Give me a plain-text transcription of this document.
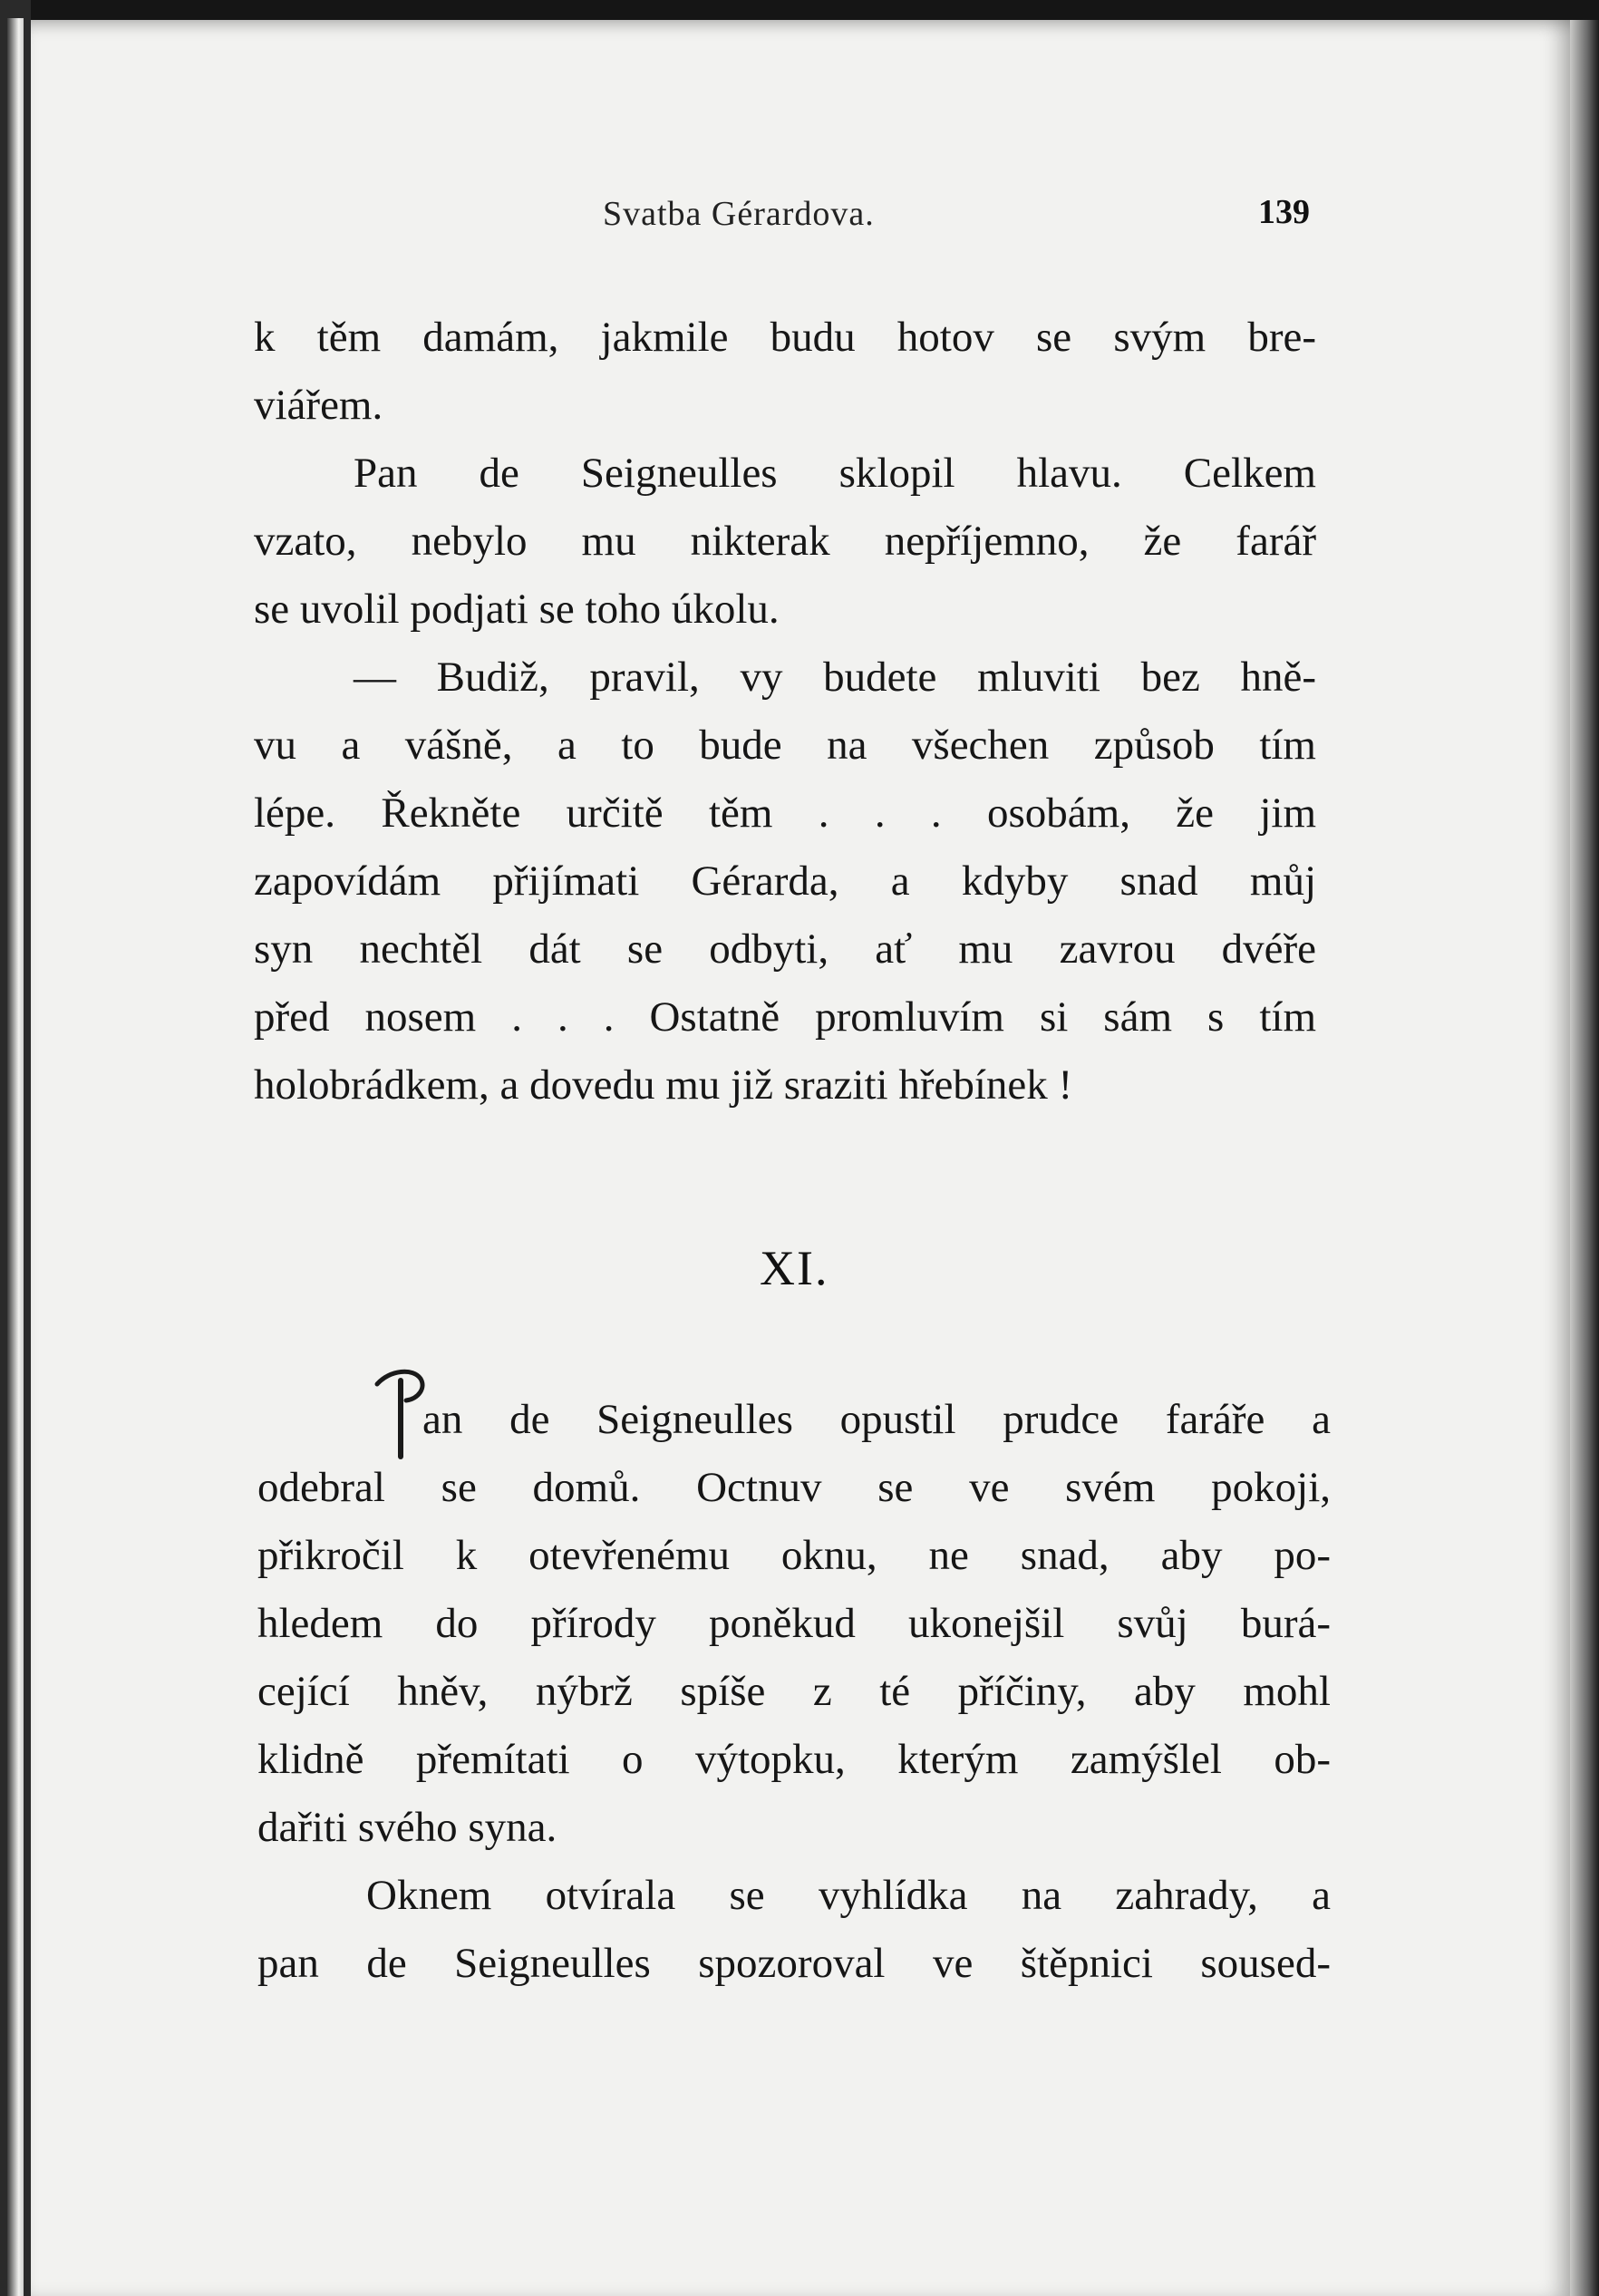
Svatba Gérardova.	139
k těm damám, jakmile budu hotov se svým bre-
viářem.
Pan de Seigneulles sklopil hlavu. Celkem
vzato, nebylo mu nikterak nepříjemno, že farář
se uvolil podjati se toho úkolu.
— Budiž, pravil, vy budete mluviti bez hně-
vu a vášně, a to bude na všechen způsob tím
lépe. Řekněte určitě těm . . . osobám, že jim
zapovídám přijímati Gérarda, a kdyby snad můj
syn nechtěl dát se odbyti, ať mu zavrou dvéře
před nosem . . . Ostatně promluvím si sám s tím
holobrádkem, a dovedu mu již sraziti hřebínek !
XI.
an de Seigneulles opustil prudce faráře a
odebral se domů. Octnuv se ve svém pokoji,
přikročil k otevřenému oknu, ne snad, aby po-
hledem do přírody poněkud ukonejšil svůj burá-
cející hněv, nýbrž spíše z té příčiny, aby mohl
klidně přemítati o výtopku, kterým zamýšlel ob-
dařiti svého syna.
Oknem otvírala se vyhlídka na zahrady, a
pan de Seigneulles spozoroval ve štěpnici soused-
